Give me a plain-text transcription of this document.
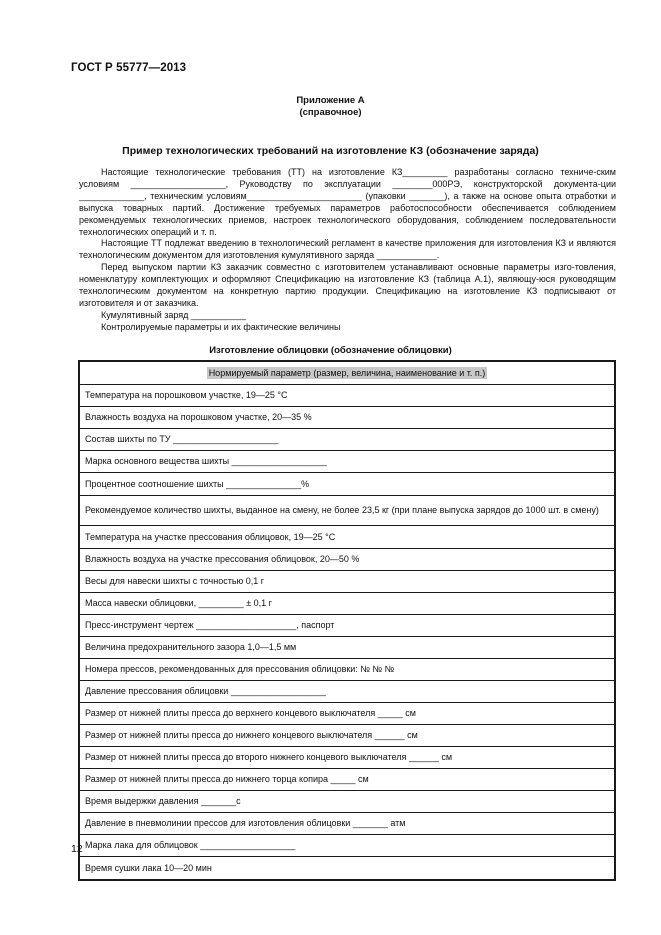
ГОСТ Р 55777—2013
Приложение А
(справочное)
Пример технологических требований на изготовление КЗ (обозначение заряда)

Настоящие технологические требования (ТТ) на изготовление КЗ_________ разработаны согласно техниче-ским условиям ___________________, Руководству по эксплуатации ________000РЭ, конструкторской документа-ции _____________, техническим условиям_______________________ (упаковки _______), а также на основе опыта отработки и выпуска товарных партий. Достижение требуемых параметров работоспособности обеспечивается соблюдением рекомендуемых технологических приемов, настроек технологического оборудования, соблюдением последовательности технологических операций и т. п.

Настоящие ТТ подлежат введению в технологический регламент в качестве приложения для изготовления КЗ и являются технологическим документом для изготовления кумулятивного заряда ____________.

Перед выпуском партии КЗ заказчик совместно с изготовителем устанавливают основные параметры изго-товления, номенклатуру комплектующих и оформляют Спецификацию на изготовление КЗ (таблица А.1), являющу-юся руководящим технологическим документом на конкретную партию продукции. Спецификацию на изготовление КЗ подписывают от изготовителя и от заказчика.

Кумулятивный заряд ___________
Контролируемые параметры и их фактические величины
Изготовление облицовки (обозначение облицовки)
Нормируемый параметр (размер, величина, наименование и т. п.)
Температура на порошковом участке, 19—25 °С
Влажность воздуха на порошковом участке, 20—35 %
Состав шихты по ТУ _____________________
Марка основного вещества шихты ___________________
Процентное соотношение шихты _______________%
Рекомендуемое количество шихты, выданное на смену, не более 23,5 кг (при плане выпуска зарядов до 1000 шт. в смену)
Температура на участке прессования облицовок, 19—25 °С
Влажность воздуха на участке прессования облицовок, 20—50 %
Весы для навески шихты с точностью 0,1 г
Масса навески облицовки, _________ ± 0,1 г
Пресс-инструмент чертеж ____________________, паспорт
Величина предохранительного зазора 1,0—1,5 мм
Номера прессов, рекомендованных для прессования облицовки: № № №
Давление прессования облицовки ___________________
Размер от нижней плиты пресса до верхнего концевого выключателя _____ см
Размер от нижней плиты пресса до нижнего концевого выключателя ______ см
Размер от нижней плиты пресса до второго нижнего концевого выключателя ______ см
Размер от нижней плиты пресса до нижнего торца копира _____ см
Время выдержки давления _______с
Давление в пневмолинии прессов для изготовления облицовки _______ атм
Марка лака для облицовок ___________________
Время сушки лака 10—20 мин
12
